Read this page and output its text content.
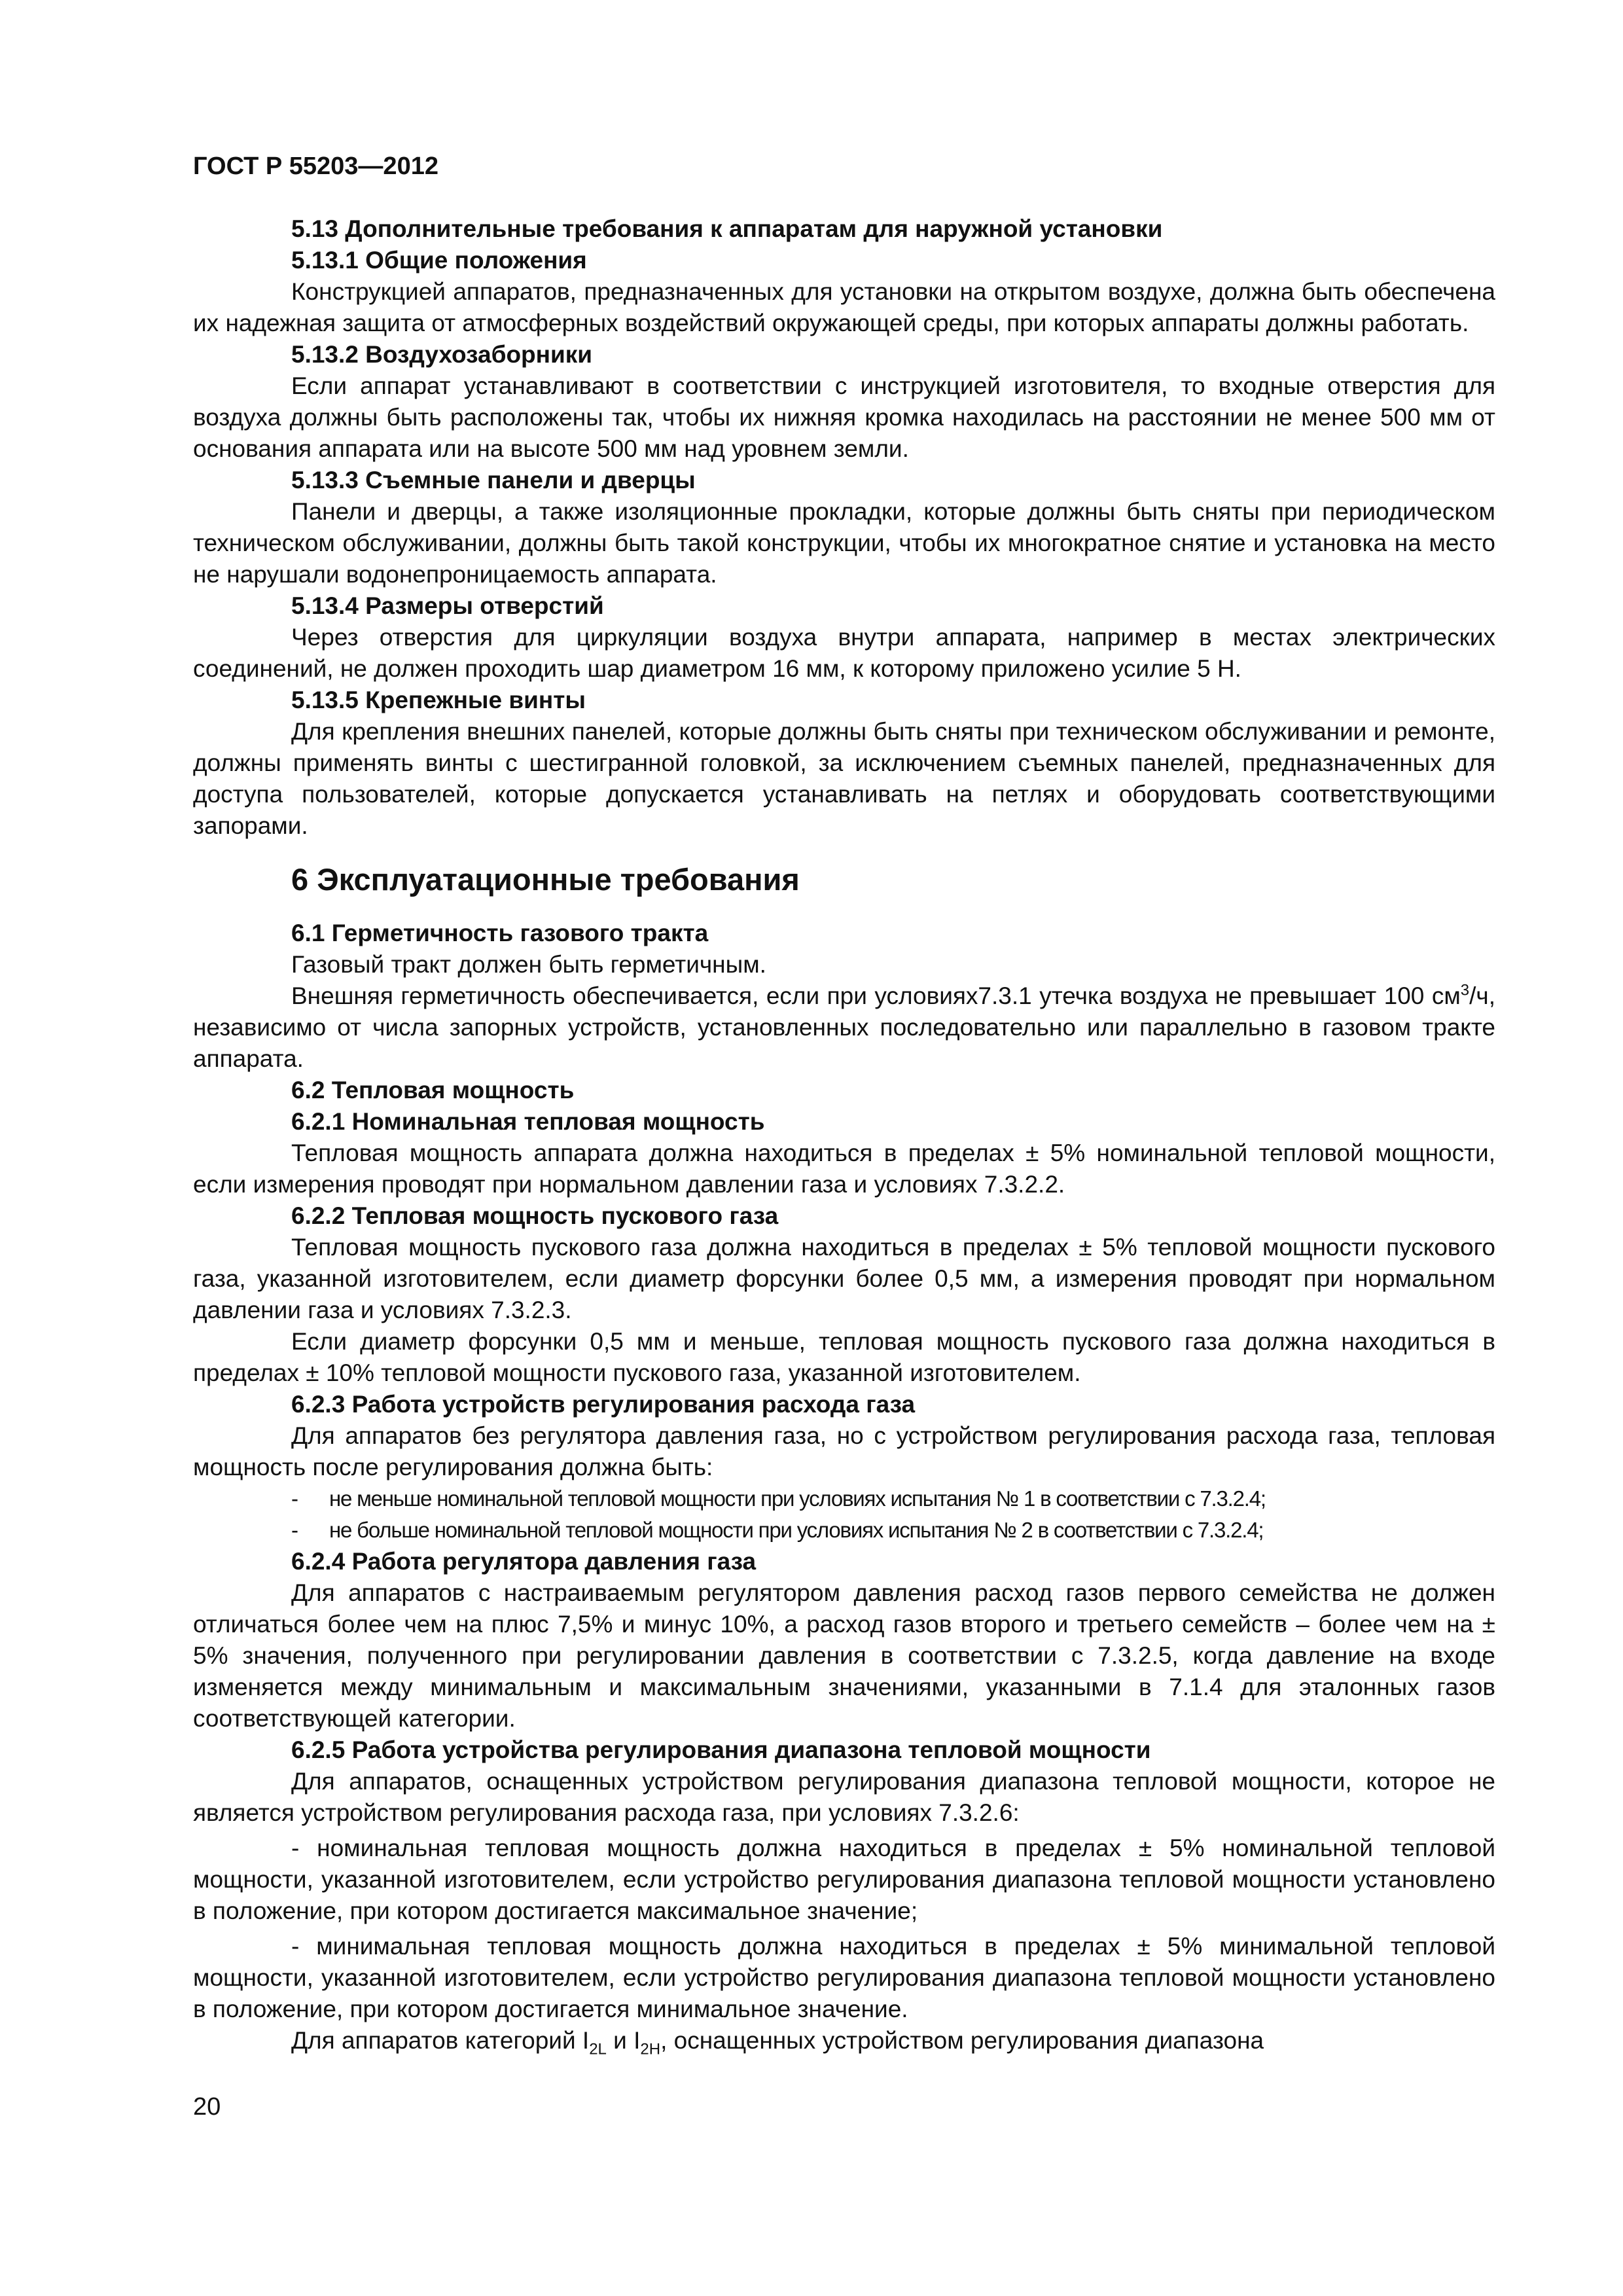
ГОСТ Р 55203—2012

5.13 Дополнительные требования к аппаратам для наружной установки

5.13.1 Общие положения

Конструкцией аппаратов, предназначенных для установки на открытом воздухе, должна быть обеспечена их надежная защита от атмосферных воздействий окружающей среды, при которых аппараты должны работать.

5.13.2 Воздухозаборники

Если аппарат устанавливают в соответствии с инструкцией изготовителя, то входные отверстия для воздуха должны быть расположены так, чтобы их нижняя кромка находилась на расстоянии не менее 500 мм от основания аппарата или на высоте 500 мм над уровнем земли.

5.13.3 Съемные панели и дверцы

Панели и дверцы, а также изоляционные прокладки, которые должны быть сняты при периодическом техническом обслуживании, должны быть такой конструкции, чтобы их многократное снятие и установка на место не нарушали водонепроницаемость аппарата.

5.13.4 Размеры отверстий

Через отверстия для циркуляции воздуха внутри аппарата, например в местах электрических соединений, не должен проходить шар диаметром 16 мм, к которому приложено усилие 5 Н.

5.13.5 Крепежные винты

Для крепления внешних панелей, которые должны быть сняты при техническом обслуживании и ремонте, должны применять винты с шестигранной головкой, за исключением съемных панелей, предназначенных для доступа пользователей, которые допускается устанавливать на петлях и оборудовать соответствующими запорами.

6 Эксплуатационные требования

6.1 Герметичность газового тракта

Газовый тракт должен быть герметичным.

Внешняя герметичность обеспечивается, если при условиях7.3.1 утечка воздуха не превышает 100 $см^3/ч$, независимо от числа запорных устройств, установленных последовательно или параллельно в газовом тракте аппарата.

6.2 Тепловая мощность

6.2.1 Номинальная тепловая мощность

Тепловая мощность аппарата должна находиться в пределах ± 5% номинальной тепловой мощности, если измерения проводят при нормальном давлении газа и условиях 7.3.2.2.

6.2.2 Тепловая мощность пускового газа

Тепловая мощность пускового газа должна находиться в пределах ± 5% тепловой мощности пускового газа, указанной изготовителем, если диаметр форсунки более 0,5 мм, а измерения проводят при нормальном давлении газа и условиях 7.3.2.3.

Если диаметр форсунки 0,5 мм и меньше, тепловая мощность пускового газа должна находиться в пределах ± 10% тепловой мощности пускового газа, указанной изготовителем.

6.2.3 Работа устройств регулирования расхода газа

Для аппаратов без регулятора давления газа, но с устройством регулирования расхода газа, тепловая мощность после регулирования должна быть:

- не меньше номинальной тепловой мощности при условиях испытания № 1 в соответствии с 7.3.2.4;
- не больше номинальной тепловой мощности при условиях испытания № 2 в соответствии с 7.3.2.4;

6.2.4 Работа регулятора давления газа

Для аппаратов с настраиваемым регулятором давления расход газов первого семейства не должен отличаться более чем на плюс 7,5% и минус 10%, а расход газов второго и третьего семейств – более чем на ± 5% значения, полученного при регулировании давления в соответствии с 7.3.2.5, когда давление на входе изменяется между минимальным и максимальным значениями, указанными в 7.1.4 для эталонных газов соответствующей категории.

6.2.5 Работа устройства регулирования диапазона тепловой мощности

Для аппаратов, оснащенных устройством регулирования диапазона тепловой мощности, которое не является устройством регулирования расхода газа, при условиях 7.3.2.6:

- номинальная тепловая мощность должна находиться в пределах ± 5% номинальной тепловой мощности, указанной изготовителем, если устройство регулирования диапазона тепловой мощности установлено в положение, при котором достигается максимальное значение;

- минимальная тепловая мощность должна находиться в пределах ± 5% минимальной тепловой мощности, указанной изготовителем, если устройство регулирования диапазона тепловой мощности установлено в положение, при котором достигается минимальное значение.

Для аппаратов категорий $I_{2L}$ и $I_{2H}$, оснащенных устройством регулирования диапазона

20
